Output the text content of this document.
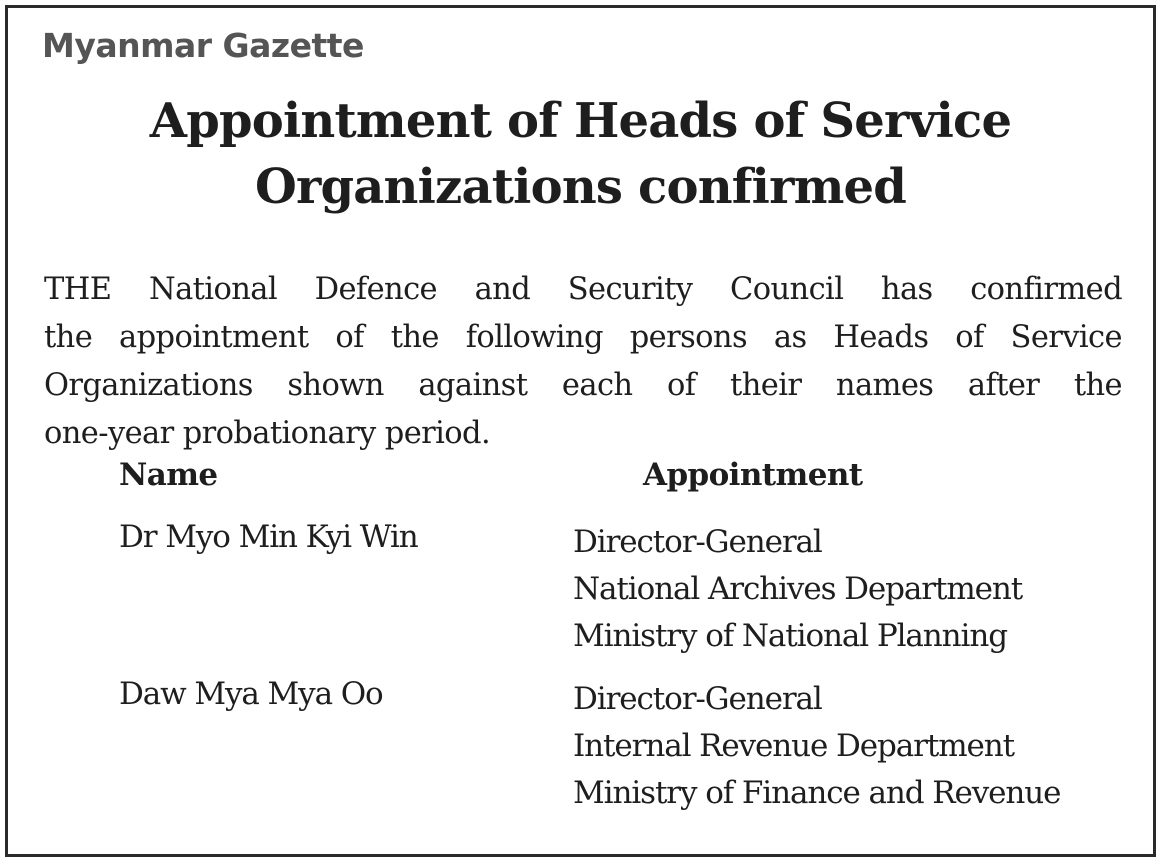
Myanmar Gazette
Appointment of Heads of Service
Organizations confirmed

THE National Defence and Security Council has confirmed
the appointment of the following persons as Heads of Service
Organizations shown against each of their names after the
one-year probationary period.

Name	Appointment
Dr Myo Min Kyi Win	Director-General
National Archives Department
Ministry of National Planning
Daw Mya Mya Oo	Director-General
Internal Revenue Department
Ministry of Finance and Revenue
